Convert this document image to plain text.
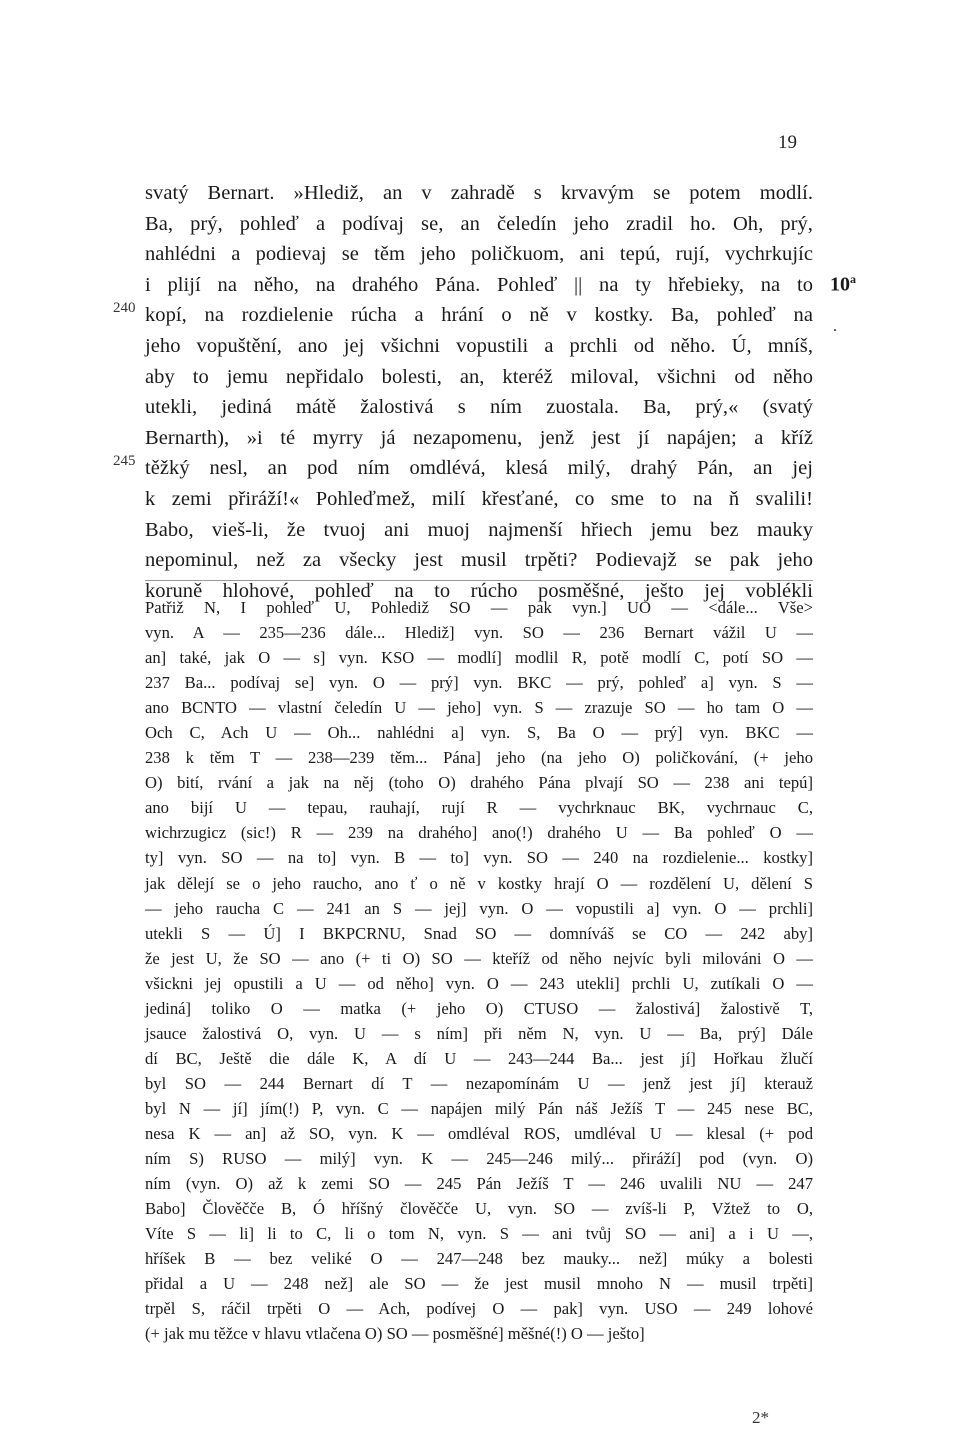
19
svatý Bernart. »Hlediž, an v zahradě s krvavým se potem modlí.
Ba, prý, pohleď a podívaj se, an čeledín jeho zradil ho. Oh, prý,
nahlédni a podievaj se těm jeho poličkuom, ani tepú, rují, vychrkujíc
i plijí na něho, na drahého Pána. Pohleď || na ty hřebieky, na to
kopí, na rozdielenie rúcha a hrání o ně v kostky. Ba, pohleď na
jeho vopuštění, ano jej všichni vopustili a prchli od něho. Ú, mníš,
aby to jemu nepřidalo bolesti, an, kteréž miloval, všichni od něho
utekli, jediná mátě žalostivá s ním zuostala. Ba, prý,« (svatý
Bernarth), »i té myrry já nezapomenu, jenž jest jí napájen; a kříž
těžký nesl, an pod ním omdlévá, klesá milý, drahý Pán, an jej
k zemi přiráží!« Pohleďmež, milí křesťané, co sme to na ň svalili!
Babo, vieš-li, že tvuoj ani muoj najmenší hřiech jemu bez mauky
nepominul, než za všecky jest musil trpěti? Podievajž se pak jeho
koruně hlohové, pohleď na to rúcho posměšné, ješto jej voblékli
240
245
10$^a$
.
Patřiž N, I pohleď U, Pohlediž SO — pak vyn.] UO — <dále... Vše>
vyn. A — 235—236 dále... Hlediž] vyn. SO — 236 Bernart vážil U —
an] také, jak O — s] vyn. KSO — modlí] modlil R, potě modlí C, potí SO —
237 Ba... podívaj se] vyn. O — prý] vyn. BKC — prý, pohleď a] vyn. S —
ano BCNTO — vlastní čeledín U — jeho] vyn. S — zrazuje SO — ho tam O —
Och C, Ach U — Oh... nahlédni a] vyn. S, Ba O — prý] vyn. BKC —
238 k těm T — 238—239 těm... Pána] jeho (na jeho O) poličkování, (+ jeho
O) bití, rvání a jak na něj (toho O) drahého Pána plvají SO — 238 ani tepú]
ano bijí U — tepau, rauhají, rují R — vychrknauc BK, vychrnauc C,
wichrzugicz (sic!) R — 239 na drahého] ano(!) drahého U — Ba pohleď O —
ty] vyn. SO — na to] vyn. B — to] vyn. SO — 240 na rozdielenie... kostky]
jak dělejí se o jeho raucho, ano ť o ně v kostky hrají O — rozdělení U, dělení S
— jeho raucha C — 241 an S — jej] vyn. O — vopustili a] vyn. O — prchli]
utekli S — Ú] I BKPCRNU, Snad SO — domníváš se CO — 242 aby]
že jest U, že SO — ano (+ ti O) SO — kteříž od něho nejvíc byli milováni O —
všickni jej opustili a U — od něho] vyn. O — 243 utekli] prchli U, zutíkali O —
jediná] toliko O — matka (+ jeho O) CTUSO — žalostivá] žalostivě T,
jsauce žalostivá O, vyn. U — s ním] při něm N, vyn. U — Ba, prý] Dále
dí BC, Ještě die dále K, A dí U — 243—244 Ba... jest jí] Hořkau žlučí
byl SO — 244 Bernart dí T — nezapomínám U — jenž jest jí] kterauž
byl N — jí] jím(!) P, vyn. C — napájen milý Pán náš Ježíš T — 245 nese BC,
nesa K — an] až SO, vyn. K — omdléval ROS, umdléval U — klesal (+ pod
ním S) RUSO — milý] vyn. K — 245—246 milý... přiráží] pod (vyn. O)
ním (vyn. O) až k zemi SO — 245 Pán Ježíš T — 246 uvalili NU — 247
Babo] Člověčče B, Ó hříšný člověčče U, vyn. SO — zvíš-li P, Vžtež to O,
Víte S — li] li to C, li o tom N, vyn. S — ani tvůj SO — ani] a i U —,
hříšek B — bez veliké O — 247—248 bez mauky... než] múky a bolesti
přidal a U — 248 než] ale SO — že jest musil mnoho N — musil trpěti]
trpěl S, ráčil trpěti O — Ach, podívej O — pak] vyn. USO — 249 lohové
(+ jak mu těžce v hlavu vtlačena O) SO — posměšné] měšné(!) O — ješto]
2*
